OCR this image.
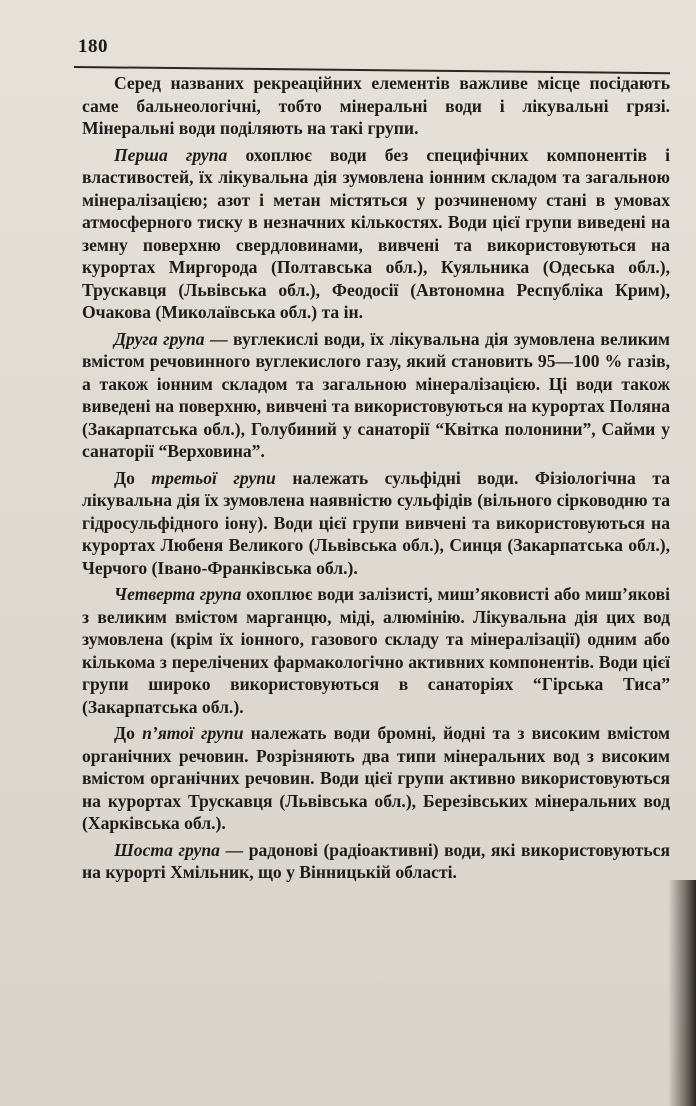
180

Серед названих рекреаційних елементів важливе місце посідають саме бальнеологічні, тобто мінеральні води і лікувальні грязі. Мінеральні води поділяють на такі групи.

Перша група охоплює води без специфічних компонентів і властивостей, їх лікувальна дія зумовлена іонним складом та загальною мінералізацією; азот і метан містяться у розчиненому стані в умовах атмосферного тиску в незначних кількостях. Води цієї групи виведені на земну поверхню свердловинами, вивчені та використовуються на курортах Миргорода (Полтавська обл.), Куяльника (Одеська обл.), Трускавця (Львівська обл.), Феодосії (Автономна Республіка Крим), Очакова (Миколаївська обл.) та ін.

Друга група — вуглекислі води, їх лікувальна дія зумовлена великим вмістом речовинного вуглекислого газу, який становить 95—100 % газів, а також іонним складом та загальною мінералізацією. Ці води також виведені на поверхню, вивчені та використовуються на курортах Поляна (Закарпатська обл.), Голубиний у санаторії “Квітка полонини”, Сайми у санаторії “Верховина”.

До третьої групи належать сульфідні води. Фізіологічна та лікувальна дія їх зумовлена наявністю сульфідів (вільного сірководню та гідросульфідного іону). Води цієї групи вивчені та використовуються на курортах Любеня Великого (Львівська обл.), Синця (Закарпатська обл.), Черчого (Івано-Франківська обл.).

Четверта група охоплює води залізисті, миш’яковисті або миш’якові з великим вмістом марганцю, міді, алюмінію. Лікувальна дія цих вод зумовлена (крім їх іонного, газового складу та мінералізації) одним або кількома з перелічених фармакологічно активних компонентів. Води цієї групи широко використовуються в санаторіях “Гірська Тиса” (Закарпатська обл.).

До п’ятої групи належать води бромні, йодні та з високим вмістом органічних речовин. Розрізняють два типи мінеральних вод з високим вмістом органічних речовин. Води цієї групи активно використовуються на курортах Трускавця (Львівська обл.), Березівських мінеральних вод (Харківська обл.).

Шоста група — радонові (радіоактивні) води, які використовуються на курорті Хмільник, що у Вінницькій області.
